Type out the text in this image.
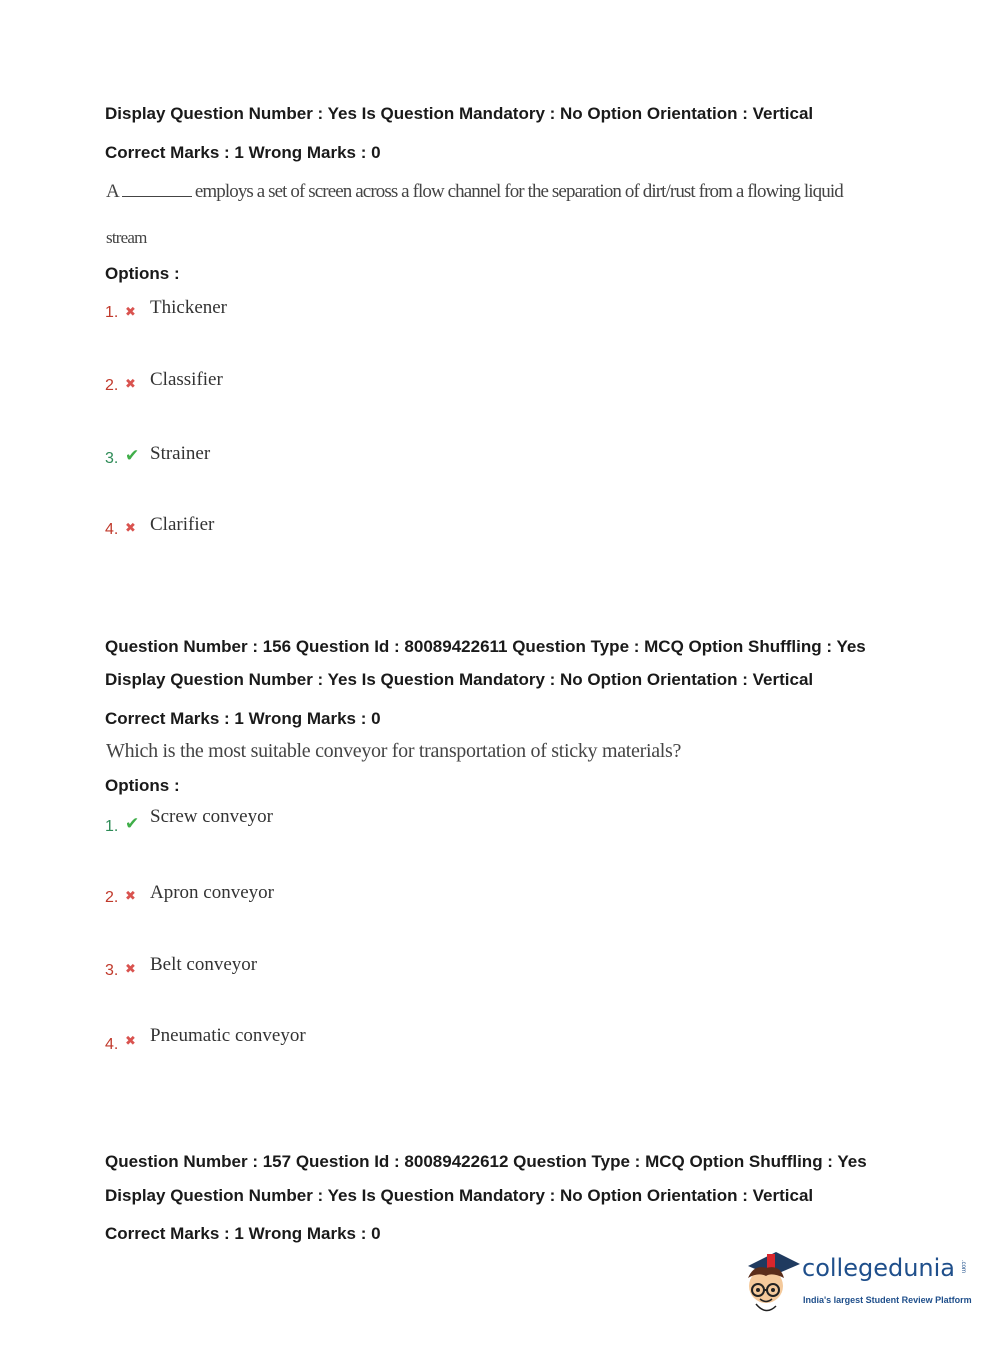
Display Question Number : Yes Is Question Mandatory : No Option Orientation : Vertical
Correct Marks : 1 Wrong Marks : 0
A	employs a set of screen across a flow channel for the separation of dirt/rust from a flowing liquid
stream
Options :
1. ✖ Thickener
2. ✖ Classifier
3. ✔ Strainer
4. ✖ Clarifier
Question Number : 156 Question Id : 80089422611 Question Type : MCQ Option Shuffling : Yes
Display Question Number : Yes Is Question Mandatory : No Option Orientation : Vertical
Correct Marks : 1 Wrong Marks : 0
Which is the most suitable conveyor for transportation of sticky materials?
Options :
1. ✔ Screw conveyor
2. ✖ Apron conveyor
3. ✖ Belt conveyor
4. ✖ Pneumatic conveyor
Question Number : 157 Question Id : 80089422612 Question Type : MCQ Option Shuffling : Yes
Display Question Number : Yes Is Question Mandatory : No Option Orientation : Vertical
Correct Marks : 1 Wrong Marks : 0
collegedunia .com
India's largest Student Review Platform
